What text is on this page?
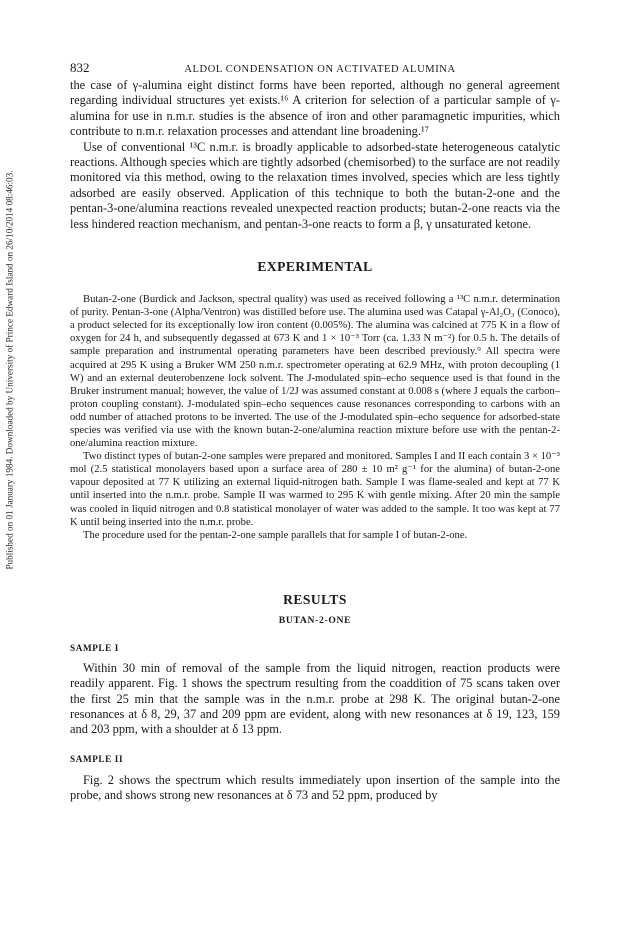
Published on 01 January 1984. Downloaded by University of Prince Edward Island on 26/10/2014 08:46:03.
832	ALDOL CONDENSATION ON ACTIVATED ALUMINA

the case of γ-alumina eight distinct forms have been reported, although no general agreement regarding individual structures yet exists.¹⁶ A criterion for selection of a particular sample of γ-alumina for use in n.m.r. studies is the absence of iron and other paramagnetic impurities, which contribute to n.m.r. relaxation processes and attendant line broadening.¹⁷

Use of conventional ¹³C n.m.r. is broadly applicable to adsorbed-state heterogeneous catalytic reactions. Although species which are tightly adsorbed (chemisorbed) to the surface are not readily monitored via this method, owing to the relaxation times involved, species which are less tightly adsorbed are easily observed. Application of this technique to both the butan-2-one and the pentan-3-one/alumina reactions revealed unexpected reaction products; butan-2-one reacts via the less hindered reaction mechanism, and pentan-3-one reacts to form a β, γ unsaturated ketone.

EXPERIMENTAL

Butan-2-one (Burdick and Jackson, spectral quality) was used as received following a ¹³C n.m.r. determination of purity. Pentan-3-one (Alpha/Ventron) was distilled before use. The alumina used was Catapal γ-Al₂O₃ (Conoco), a product selected for its exceptionally low iron content (0.005%). The alumina was calcined at 775 K in a flow of oxygen for 24 h, and subsequently degassed at 673 K and 1 × 10⁻³ Torr (ca. 1.33 N m⁻²) for 0.5 h. The details of sample preparation and instrumental operating parameters have been described previously.⁹ All spectra were acquired at 295 K using a Bruker WM 250 n.m.r. spectrometer operating at 62.9 MHz, with proton decoupling (1 W) and an external deuterobenzene lock solvent. The J-modulated spin–echo sequence used is that found in the Bruker instrument manual; however, the value of 1/2J was assumed constant at 0.008 s (where J equals the carbon–proton coupling constant). J-modulated spin–echo sequences cause resonances corresponding to carbons with an odd number of attached protons to be inverted. The use of the J-modulated spin–echo sequence for adsorbed-state species was verified via use with the known butan-2-one/alumina reaction mixture before use with the pentan-2-one/alumina reaction mixture.

Two distinct types of butan-2-one samples were prepared and monitored. Samples I and II each contain 3 × 10⁻³ mol (2.5 statistical monolayers based upon a surface area of 280 ± 10 m² g⁻¹ for the alumina) of butan-2-one vapour deposited at 77 K utilizing an external liquid-nitrogen bath. Sample I was flame-sealed and kept at 77 K until inserted into the n.m.r. probe. Sample II was warmed to 295 K with gentle mixing. After 20 min the sample was cooled in liquid nitrogen and 0.8 statistical monolayer of water was added to the sample. It too was kept at 77 K until being inserted into the n.m.r. probe.

The procedure used for the pentan-2-one sample parallels that for sample I of butan-2-one.

RESULTS
BUTAN-2-ONE
SAMPLE I

Within 30 min of removal of the sample from the liquid nitrogen, reaction products were readily apparent. Fig. 1 shows the spectrum resulting from the coaddition of 75 scans taken over the first 25 min that the sample was in the n.m.r. probe at 298 K. The original butan-2-one resonances at δ 8, 29, 37 and 209 ppm are evident, along with new resonances at δ 19, 123, 159 and 203 ppm, with a shoulder at δ 13 ppm.

SAMPLE II

Fig. 2 shows the spectrum which results immediately upon insertion of the sample into the probe, and shows strong new resonances at δ 73 and 52 ppm, produced by
